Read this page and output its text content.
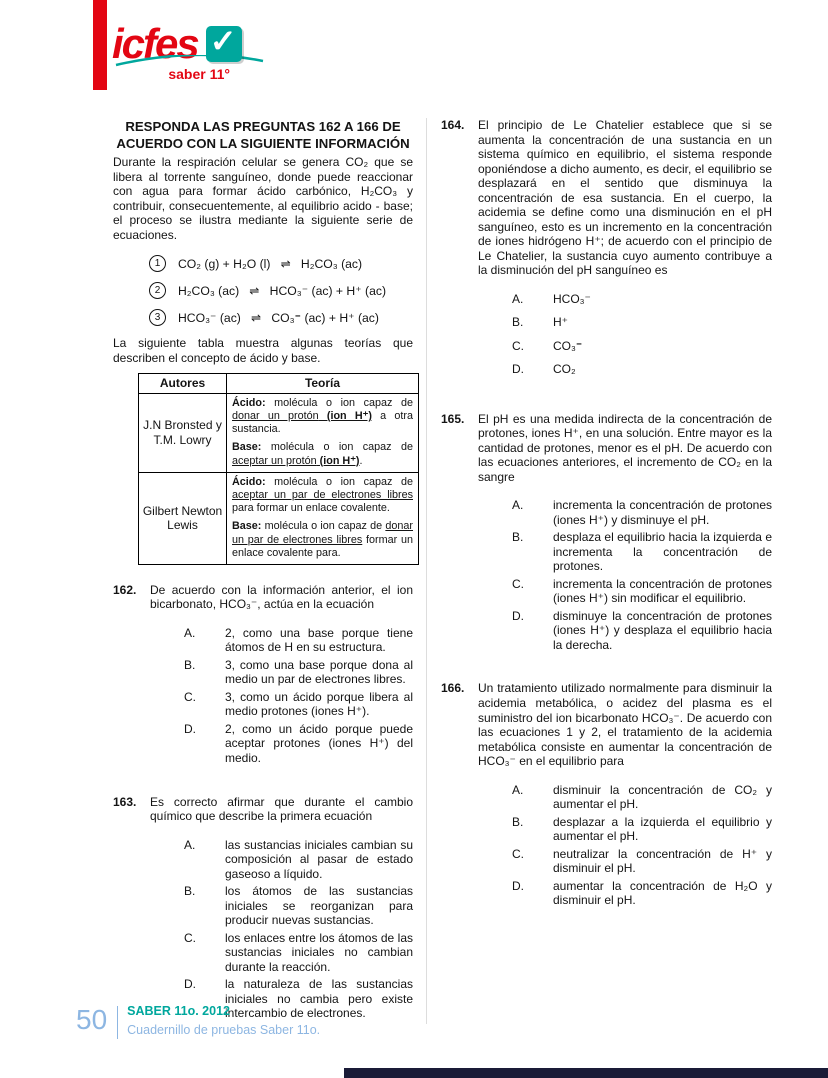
icfes ✓
saber 11°

RESPONDA LAS PREGUNTAS 162 A 166 DE ACUERDO CON LA SIGUIENTE INFORMACIÓN

Durante la respiración celular se genera CO₂ que se libera al torrente sanguíneo, donde puede reaccionar con agua para formar ácido carbónico, H₂CO₃ y contribuir, consecuentemente, al equilibrio acido - base; el proceso se ilustra mediante la siguiente serie de ecuaciones.

1	CO₂ (g) + H₂O (l)   ⇌   H₂CO₃ (ac)
2	H₂CO₃ (ac)   ⇌   HCO₃⁻ (ac) + H⁺ (ac)
3	HCO₃⁻ (ac)   ⇌   CO₃⁼ (ac) + H⁺ (ac)

La siguiente tabla muestra algunas teorías que describen el concepto de ácido y base.

Autores	Teoría
J.N Bronsted y T.M. Lowry	Ácido: molécula o ion capaz de donar un protón (ion H⁺) a otra sustancia.

Base: molécula o ion capaz de aceptar un protón (ion H⁺).

Gilbert Newton Lewis	Ácido: molécula o ion capaz de aceptar un par de electrones libres para formar un enlace covalente.

Base: molécula o ion capaz de donar un par de electrones libres formar un enlace covalente para.

162.	De acuerdo con la información anterior, el ion bicarbonato, HCO₃⁻, actúa en la ecuación

A.	2, como una base porque tiene átomos de H en su estructura.
B.	3, como una base porque dona al medio un par de electrones libres.
C.	3, como un ácido porque libera al medio protones (iones H⁺).
D.	2, como un ácido porque puede aceptar protones (iones H⁺) del medio.
163.	Es correcto afirmar que durante el cambio químico que describe la primera ecuación

A.	las sustancias iniciales cambian su composición al pasar de estado gaseoso a líquido.
B.	los átomos de las sustancias iniciales se reorganizan para producir nuevas sustancias.
C.	los enlaces entre los átomos de las sustancias iniciales no cambian durante la reacción.
D.	la naturaleza de las sustancias iniciales no cambia pero existe intercambio de electrones.
164.	El principio de Le Chatelier establece que si se aumenta la concentración de una sustancia en un sistema químico en equilibrio, el sistema responde oponiéndose a dicho aumento, es decir, el equilibrio se desplazará en el sentido que disminuya la concentración de esa sustancia. En el cuerpo, la acidemia se define como una disminución en el pH sanguíneo, esto es un incremento en la concentración de iones hidrógeno H⁺; de acuerdo con el principio de Le Chatelier, la sustancia cuyo aumento contribuye a la disminución del pH sanguíneo es

A.	HCO₃⁻
B.	H⁺
C.	CO₃⁼
D.	CO₂
165.	El pH es una medida indirecta de la concentración de protones, iones H⁺, en una solución. Entre mayor es la cantidad de protones, menor es el pH. De acuerdo con las ecuaciones anteriores, el incremento de CO₂ en la sangre

A.	incrementa la concentración de protones (iones H⁺) y disminuye el pH.
B.	desplaza el equilibrio hacia la izquierda e incrementa la concentración de protones.
C.	incrementa la concentración de protones (iones H⁺) sin modificar el equilibrio.
D.	disminuye la concentración de protones (iones H⁺) y desplaza el equilibrio hacia la derecha.
166.	Un tratamiento utilizado normalmente para disminuir la acidemia metabólica, o acidez del plasma es el suministro del ion bicarbonato HCO₃⁻. De acuerdo con las ecuaciones 1 y 2, el tratamiento de la acidemia metabólica consiste en aumentar la concentración de HCO₃⁻ en el equilibrio para

A.	disminuir la concentración de CO₂ y aumentar el pH.
B.	desplazar a la izquierda el equilibrio y aumentar el pH.
C.	neutralizar la concentración de H⁺ y disminuir el pH.
D.	aumentar la concentración de H₂O y disminuir el pH.
50 SABER 11o. 2012
Cuadernillo de pruebas Saber 11o.
